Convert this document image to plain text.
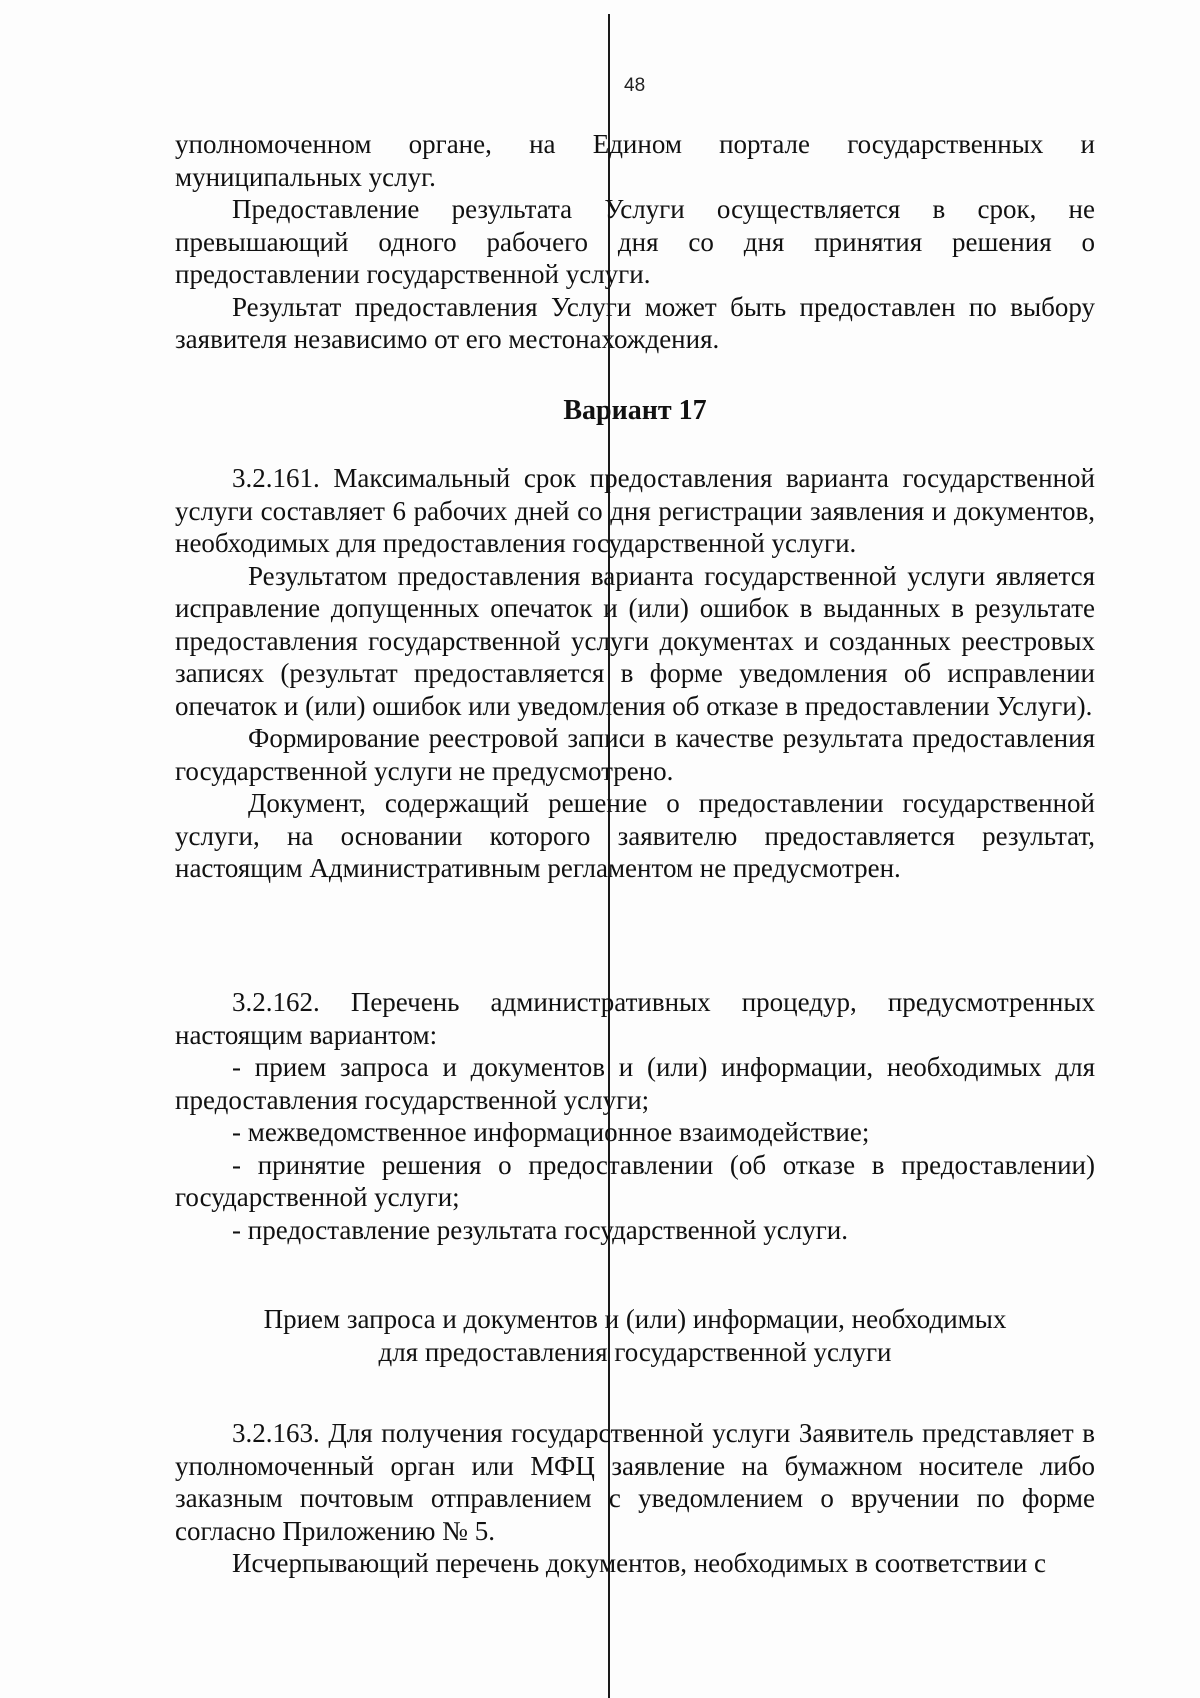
48

уполномоченном органе, на Едином портале государственных и муниципальных услуг.

Предоставление результата Услуги осуществляется в срок, не превышающий одного рабочего дня со дня принятия решения о предоставлении государственной услуги.

Результат предоставления Услуги может быть предоставлен по выбору заявителя независимо от его местонахождения.

Вариант 17

3.2.161. Максимальный срок предоставления варианта государственной услуги составляет 6 рабочих дней со дня регистрации заявления и документов, необходимых для предоставления государственной услуги.

Результатом предоставления варианта государственной услуги является исправление допущенных опечаток и (или) ошибок в выданных в результате предоставления государственной услуги документах и созданных реестровых записях (результат предоставляется в форме уведомления об исправлении опечаток и (или) ошибок или уведомления об отказе в предоставлении Услуги).

Формирование реестровой записи в качестве результата предоставления государственной услуги не предусмотрено.

Документ, содержащий решение о предоставлении государственной услуги, на основании которого заявителю предоставляется результат, настоящим Административным регламентом не предусмотрен.

3.2.162. Перечень административных процедур, предусмотренных настоящим вариантом:

- прием запроса и документов и (или) информации, необходимых для предоставления государственной услуги;

- межведомственное информационное взаимодействие;

- принятие решения о предоставлении (об отказе в предоставлении) государственной услуги;

- предоставление результата государственной услуги.

Прием запроса и документов и (или) информации, необходимых
для предоставления государственной услуги

3.2.163. Для получения государственной услуги Заявитель представляет в уполномоченный орган или МФЦ заявление на бумажном носителе либо заказным почтовым отправлением с уведомлением о вручении по форме согласно Приложению № 5.

Исчерпывающий перечень документов, необходимых в соответствии с
